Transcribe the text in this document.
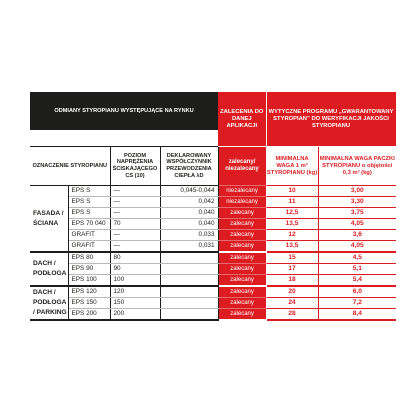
ODMIANY STYROPIANU WYSTĘPUJĄCE NA RYNKU				ZALECENIA DO DANEJ APLIKACJI	WYTYCZNE PROGRAMU „GWARANTOWANY STYROPIAN” DO WERYFIKACJI JAKOŚCI STYROPIANU	

OZNACZENIE STYROPIANU		POZIOM NAPRĘŻENIA ŚCISKAJĄCEGO CS (10)	DEKLAROWANY WSPÓŁCZYNNIK PRZEWODZENIA CIEPŁA λD	zalecany/ niezalecany	MINIMALNA WAGA 1 m³ STYROPIANU (kg)	MINIMALNA WAGA PACZKI STYROPIANU o objętości 0,3 m³ (kg)
FASADA / ŚCIANA	EPS S	—	0,045-0,044	niezalecany	10	3,00
	EPS S	—	0,042	niezalecany	11	3,30
	EPS S	—	0,040	zalecany	12,5	3,75
	EPS 70 040	70	0,040	zalecany	13,5	4,05
	GRAFIT	—	0,033	zalecany	12	3,6
	GRAFIT	—	0,031	zalecany	13,5	4,05
DACH / PODŁOGA	EPS 80	80		zalecany	15	4,5
	EPS 90	90		zalecany	17	5,1
	EPS 100	100		zalecany	18	5,4
DACH / PODŁOGA / PARKING	EPS 120	120		zalecany	20	6,0
	EPS 150	150		zalecany	24	7,2
	EPS 200	200		zalecany	28	8,4
